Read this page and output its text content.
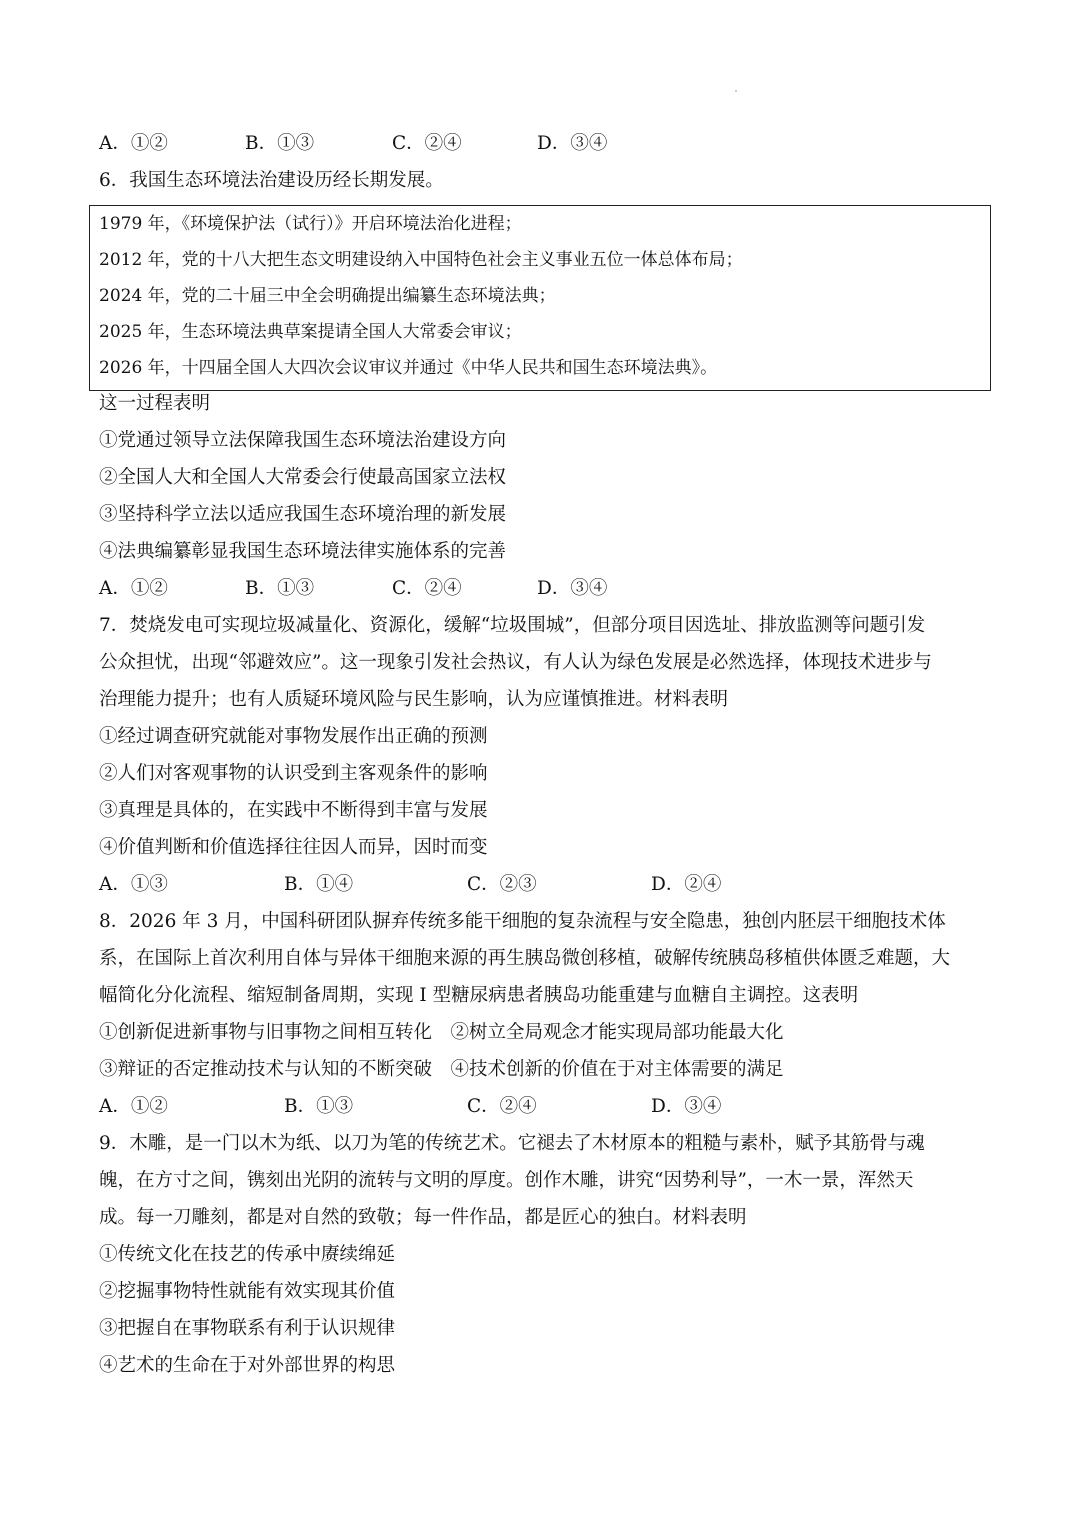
A．①②	B．①③	C．②④	D．③④
6．我国生态环境法治建设历经长期发展。
1979 年，《环境保护法（试行）》开启环境法治化进程；
2012 年，党的十八大把生态文明建设纳入中国特色社会主义事业五位一体总体布局；
2024 年，党的二十届三中全会明确提出编纂生态环境法典；
2025 年，生态环境法典草案提请全国人大常委会审议；
2026 年，十四届全国人大四次会议审议并通过《中华人民共和国生态环境法典》。
这一过程表明
①党通过领导立法保障我国生态环境法治建设方向
②全国人大和全国人大常委会行使最高国家立法权
③坚持科学立法以适应我国生态环境治理的新发展
④法典编纂彰显我国生态环境法律实施体系的完善
A．①②	B．①③	C．②④	D．③④
7．焚烧发电可实现垃圾减量化、资源化，缓解“垃圾围城”，但部分项目因选址、排放监测等问题引发
公众担忧，出现“邻避效应”。这一现象引发社会热议，有人认为绿色发展是必然选择，体现技术进步与
治理能力提升；也有人质疑环境风险与民生影响，认为应谨慎推进。材料表明
①经过调查研究就能对事物发展作出正确的预测
②人们对客观事物的认识受到主客观条件的影响
③真理是具体的，在实践中不断得到丰富与发展
④价值判断和价值选择往往因人而异，因时而变
A．①③	B．①④	C．②③	D．②④
8．2026 年 3 月，中国科研团队摒弃传统多能干细胞的复杂流程与安全隐患，独创内胚层干细胞技术体
系，在国际上首次利用自体与异体干细胞来源的再生胰岛微创移植，破解传统胰岛移植供体匮乏难题，大
幅简化分化流程、缩短制备周期，实现 I 型糖尿病患者胰岛功能重建与血糖自主调控。这表明
①创新促进新事物与旧事物之间相互转化　②树立全局观念才能实现局部功能最大化
③辩证的否定推动技术与认知的不断突破　④技术创新的价值在于对主体需要的满足
A．①②	B．①③	C．②④	D．③④
9．木雕，是一门以木为纸、以刀为笔的传统艺术。它褪去了木材原本的粗糙与素朴，赋予其筋骨与魂
魄，在方寸之间，镌刻出光阴的流转与文明的厚度。创作木雕，讲究“因势利导”，一木一景，浑然天
成。每一刀雕刻，都是对自然的致敬；每一件作品，都是匠心的独白。材料表明
①传统文化在技艺的传承中赓续绵延
②挖掘事物特性就能有效实现其价值
③把握自在事物联系有利于认识规律
④艺术的生命在于对外部世界的构思
